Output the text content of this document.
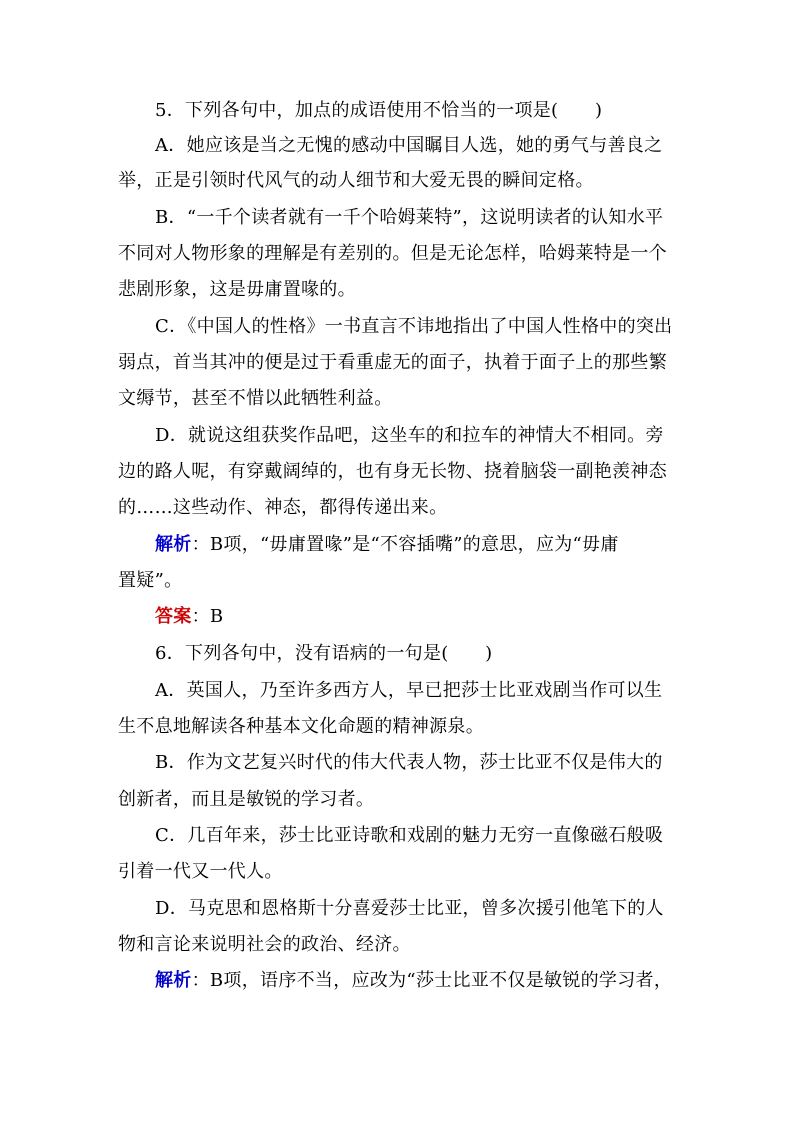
5．下列各句中，加点的成语使用不恰当的一项是(　　)
A．她应该是当之无愧的感动中国瞩目人选，她的勇气与善良之
举，正是引领时代风气的动人细节和大爱无畏的瞬间定格。
B．“一千个读者就有一千个哈姆莱特”，这说明读者的认知水平
不同对人物形象的理解是有差别的。但是无论怎样，哈姆莱特是一个
悲剧形象，这是毋庸置喙的。
C．《中国人的性格》一书直言不讳地指出了中国人性格中的突出
弱点，首当其冲的便是过于看重虚无的面子，执着于面子上的那些繁
文缛节，甚至不惜以此牺牲利益。
D．就说这组获奖作品吧，这坐车的和拉车的神情大不相同。旁
边的路人呢，有穿戴阔绰的，也有身无长物、挠着脑袋一副艳羡神态
的……这些动作、神态，都得传递出来。
解析：B项，“毋庸置喙”是“不容插嘴”的意思，应为“毋庸
置疑”。
答案：B
6．下列各句中，没有语病的一句是(　　)
A．英国人，乃至许多西方人，早已把莎士比亚戏剧当作可以生
生不息地解读各种基本文化命题的精神源泉。
B．作为文艺复兴时代的伟大代表人物，莎士比亚不仅是伟大的
创新者，而且是敏锐的学习者。
C．几百年来，莎士比亚诗歌和戏剧的魅力无穷一直像磁石般吸
引着一代又一代人。
D．马克思和恩格斯十分喜爱莎士比亚，曾多次援引他笔下的人
物和言论来说明社会的政治、经济。
解析：B项，语序不当，应改为“莎士比亚不仅是敏锐的学习者，
